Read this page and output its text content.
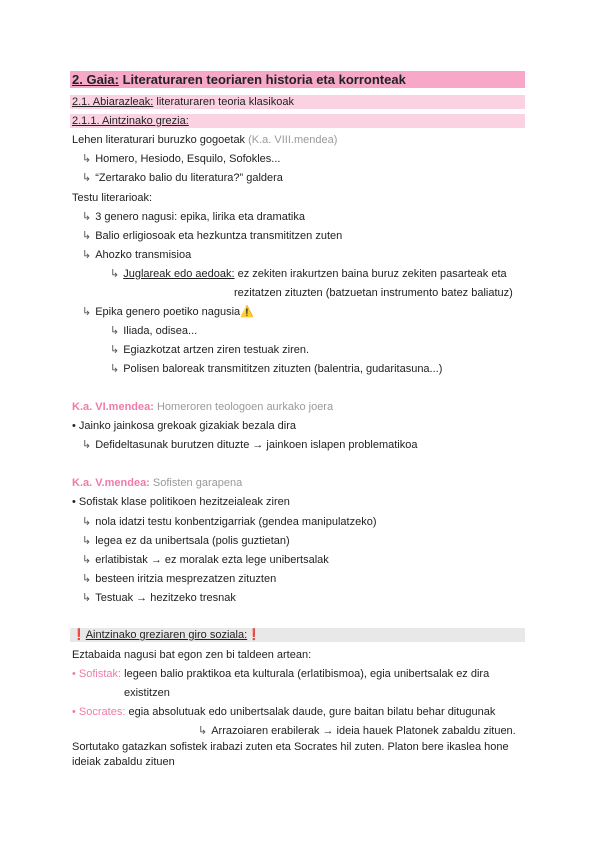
2. Gaia: Literaturaren teoriaren historia eta korronteak
2.1. Abiarazleak: literaturaren teoria klasikoak
2.1.1. Aintzinako grezia:
Lehen literaturari buruzko gogoetak (K.a. VIII.mendea)
↳ Homero, Hesiodo, Esquilo, Sofokles...
↳ “Zertarako balio du literatura?” galdera
Testu literarioak:
↳ 3 genero nagusi: epika, lirika eta dramatika
↳ Balio erligiosoak eta hezkuntza transmititzen zuten
↳ Ahozko transmisioa
↳ Juglareak edo aedoak: ez zekiten irakurtzen baina buruz zekiten pasarteak eta
rezitatzen zituzten (batzuetan instrumento batez baliatuz)
↳ Epika genero poetiko nagusia⚠️
↳ Iliada, odisea...
↳ Egiazkotzat artzen ziren testuak ziren.
↳ Polisen baloreak transmititzen zituzten (balentria, gudaritasuna...)
K.a. VI.mendea: Homeroren teologoen aurkako joera
• Jainko jainkosa grekoak gizakiak bezala dira
↳ Defideltasunak burutzen dituzte → jainkoen islapen problematikoa
K.a. V.mendea: Sofisten garapena
• Sofistak klase politikoen hezitzeialeak ziren
↳ nola idatzi testu konbentzigarriak (gendea manipulatzeko)
↳ legea ez da unibertsala (polis guztietan)
↳ erlatibistak → ez moralak ezta lege unibertsalak
↳ besteen iritzia mesprezatzen zituzten
↳ Testuak → hezitzeko tresnak
❗Aintzinako greziaren giro soziala:❗
Eztabaida nagusi bat egon zen bi taldeen artean:
• Sofistak: legeen balio praktikoa eta kulturala (erlatibismoa), egia unibertsalak ez dira
existitzen
• Socrates: egia absolutuak edo unibertsalak daude, gure baitan bilatu behar ditugunak
↳ Arrazoiaren erabilerak → ideia hauek Platonek zabaldu zituen.
Sortutako gatazkan sofistek irabazi zuten eta Socrates hil zuten. Platon bere ikaslea hone
ideiak zabaldu zituen
